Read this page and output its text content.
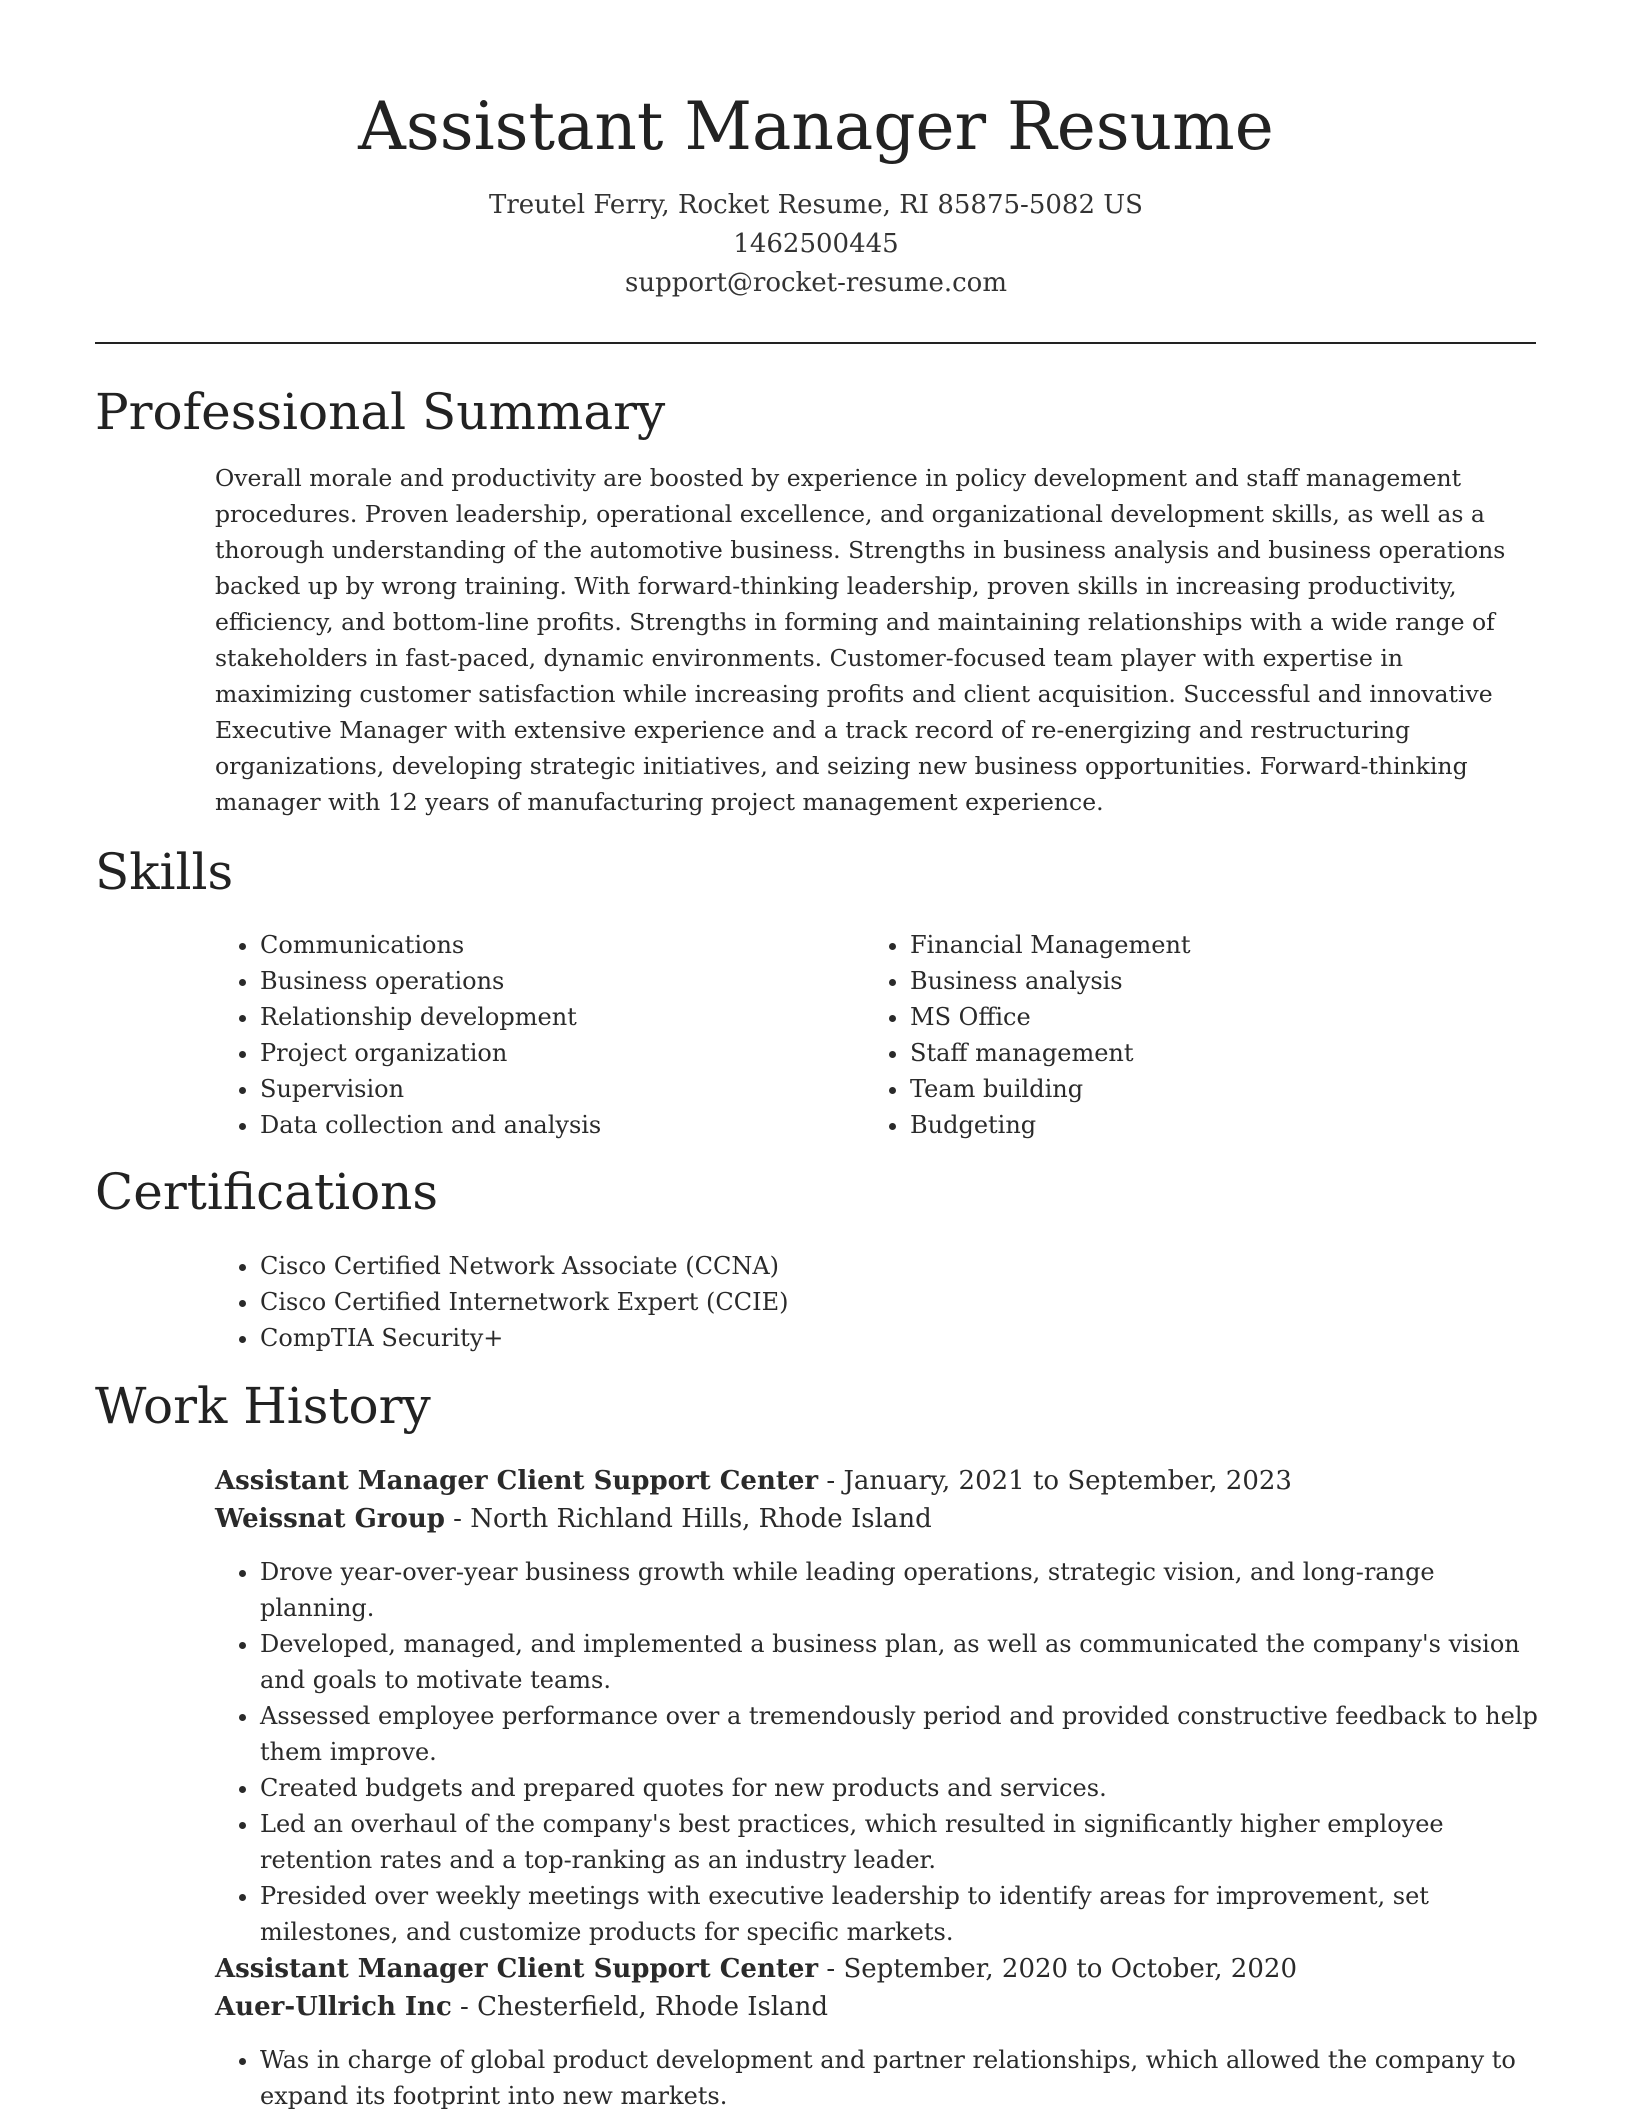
Assistant Manager Resume
Treutel Ferry, Rocket Resume, RI 85875-5082 US
1462500445
support@rocket-resume.com
Professional Summary

Overall morale and productivity are boosted by experience in policy development and staff management procedures. Proven leadership, operational excellence, and organizational development skills, as well as a thorough understanding of the automotive business. Strengths in business analysis and business operations backed up by wrong training. With forward-thinking leadership, proven skills in increasing productivity, efficiency, and bottom-line profits. Strengths in forming and maintaining relationships with a wide range of stakeholders in fast-paced, dynamic environments. Customer-focused team player with expertise in maximizing customer satisfaction while increasing profits and client acquisition. Successful and innovative Executive Manager with extensive experience and a track record of re-energizing and restructuring organizations, developing strategic initiatives, and seizing new business opportunities. Forward-thinking manager with 12 years of manufacturing project management experience.

Skills
• Communications
• Business operations
• Relationship development
• Project organization
• Supervision
• Data collection and analysis
• Financial Management
• Business analysis
• MS Office
• Staff management
• Team building
• Budgeting
Certifications
• Cisco Certified Network Associate (CCNA)
• Cisco Certified Internetwork Expert (CCIE)
• CompTIA Security+
Work History
Assistant Manager Client Support Center - January, 2021 to September, 2023
Weissnat Group - North Richland Hills, Rhode Island
• Drove year-over-year business growth while leading operations, strategic vision, and long-range planning.
• Developed, managed, and implemented a business plan, as well as communicated the company's vision and goals to motivate teams.
• Assessed employee performance over a tremendously period and provided constructive feedback to help them improve.
• Created budgets and prepared quotes for new products and services.
• Led an overhaul of the company's best practices, which resulted in significantly higher employee retention rates and a top-ranking as an industry leader.
• Presided over weekly meetings with executive leadership to identify areas for improvement, set milestones, and customize products for specific markets.
Assistant Manager Client Support Center - September, 2020 to October, 2020
Auer-Ullrich Inc - Chesterfield, Rhode Island
• Was in charge of global product development and partner relationships, which allowed the company to expand its footprint into new markets.
